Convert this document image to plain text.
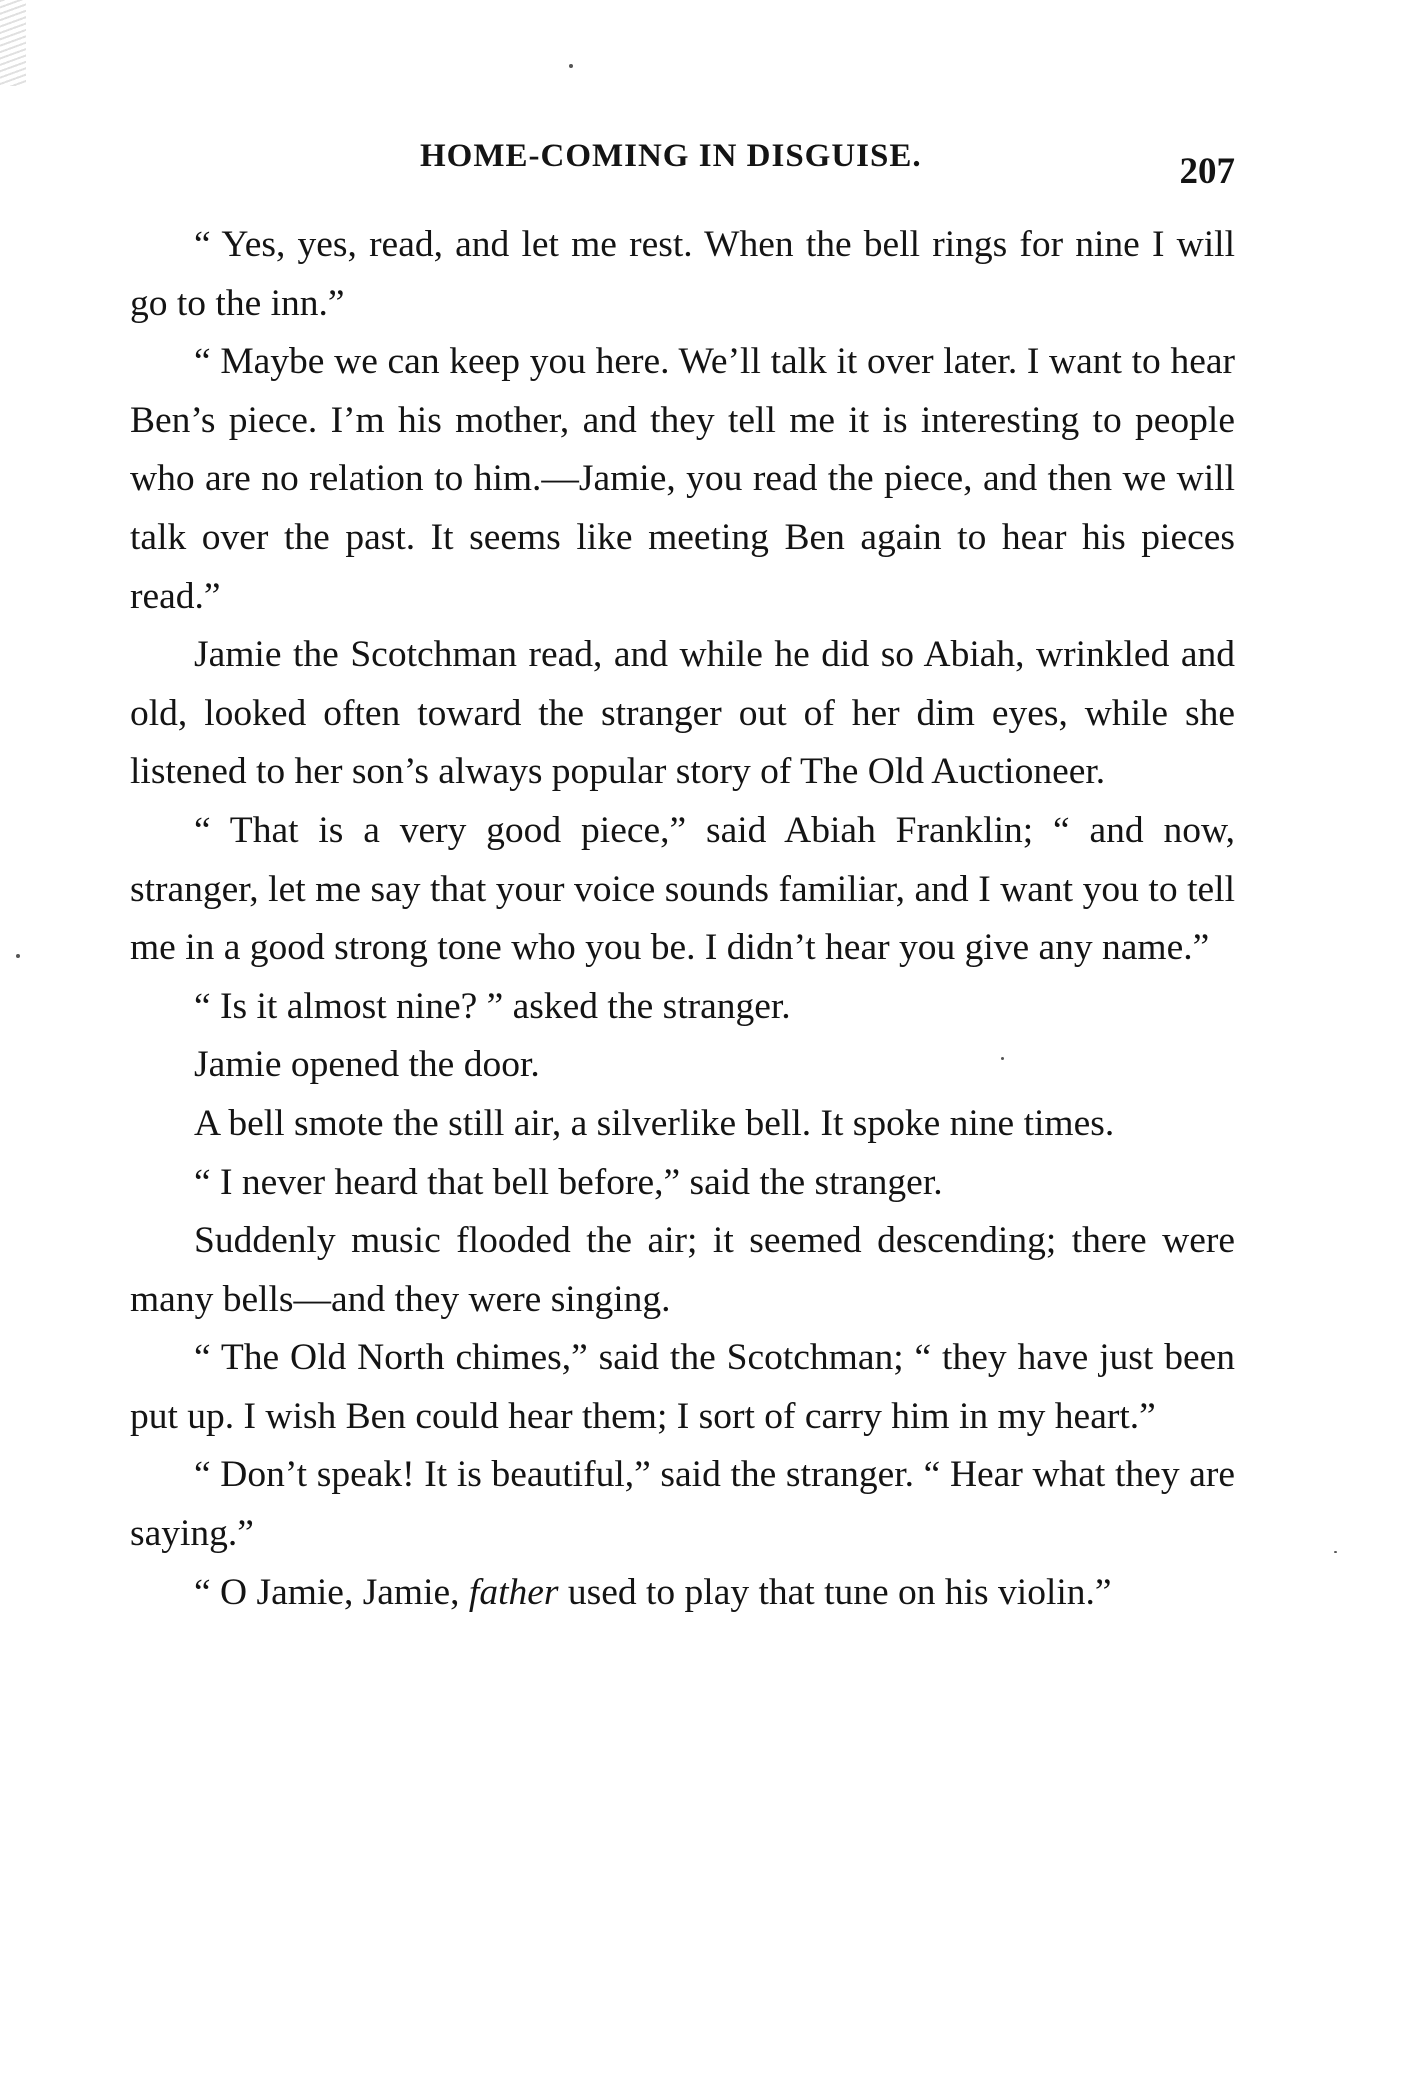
HOME-COMING IN DISGUISE.	207

“ Yes, yes, read, and let me rest. When the bell rings for nine I will go to the inn.”

“ Maybe we can keep you here. We’ll talk it over later. I want to hear Ben’s piece. I’m his mother, and they tell me it is interesting to people who are no relation to him.—Jamie, you read the piece, and then we will talk over the past. It seems like meeting Ben again to hear his pieces read.”

Jamie the Scotchman read, and while he did so Abiah, wrinkled and old, looked often toward the stranger out of her dim eyes, while she listened to her son’s always popular story of The Old Auctioneer.

“ That is a very good piece,” said Abiah Franklin; “ and now, stranger, let me say that your voice sounds familiar, and I want you to tell me in a good strong tone who you be. I didn’t hear you give any name.”

“ Is it almost nine? ” asked the stranger.

Jamie opened the door.

A bell smote the still air, a silverlike bell. It spoke nine times.

“ I never heard that bell before,” said the stranger.

Suddenly music flooded the air; it seemed descending; there were many bells—and they were singing.

“ The Old North chimes,” said the Scotchman; “ they have just been put up. I wish Ben could hear them; I sort of carry him in my heart.”

“ Don’t speak! It is beautiful,” said the stranger. “ Hear what they are saying.”

“ O Jamie, Jamie, father used to play that tune on his violin.”
